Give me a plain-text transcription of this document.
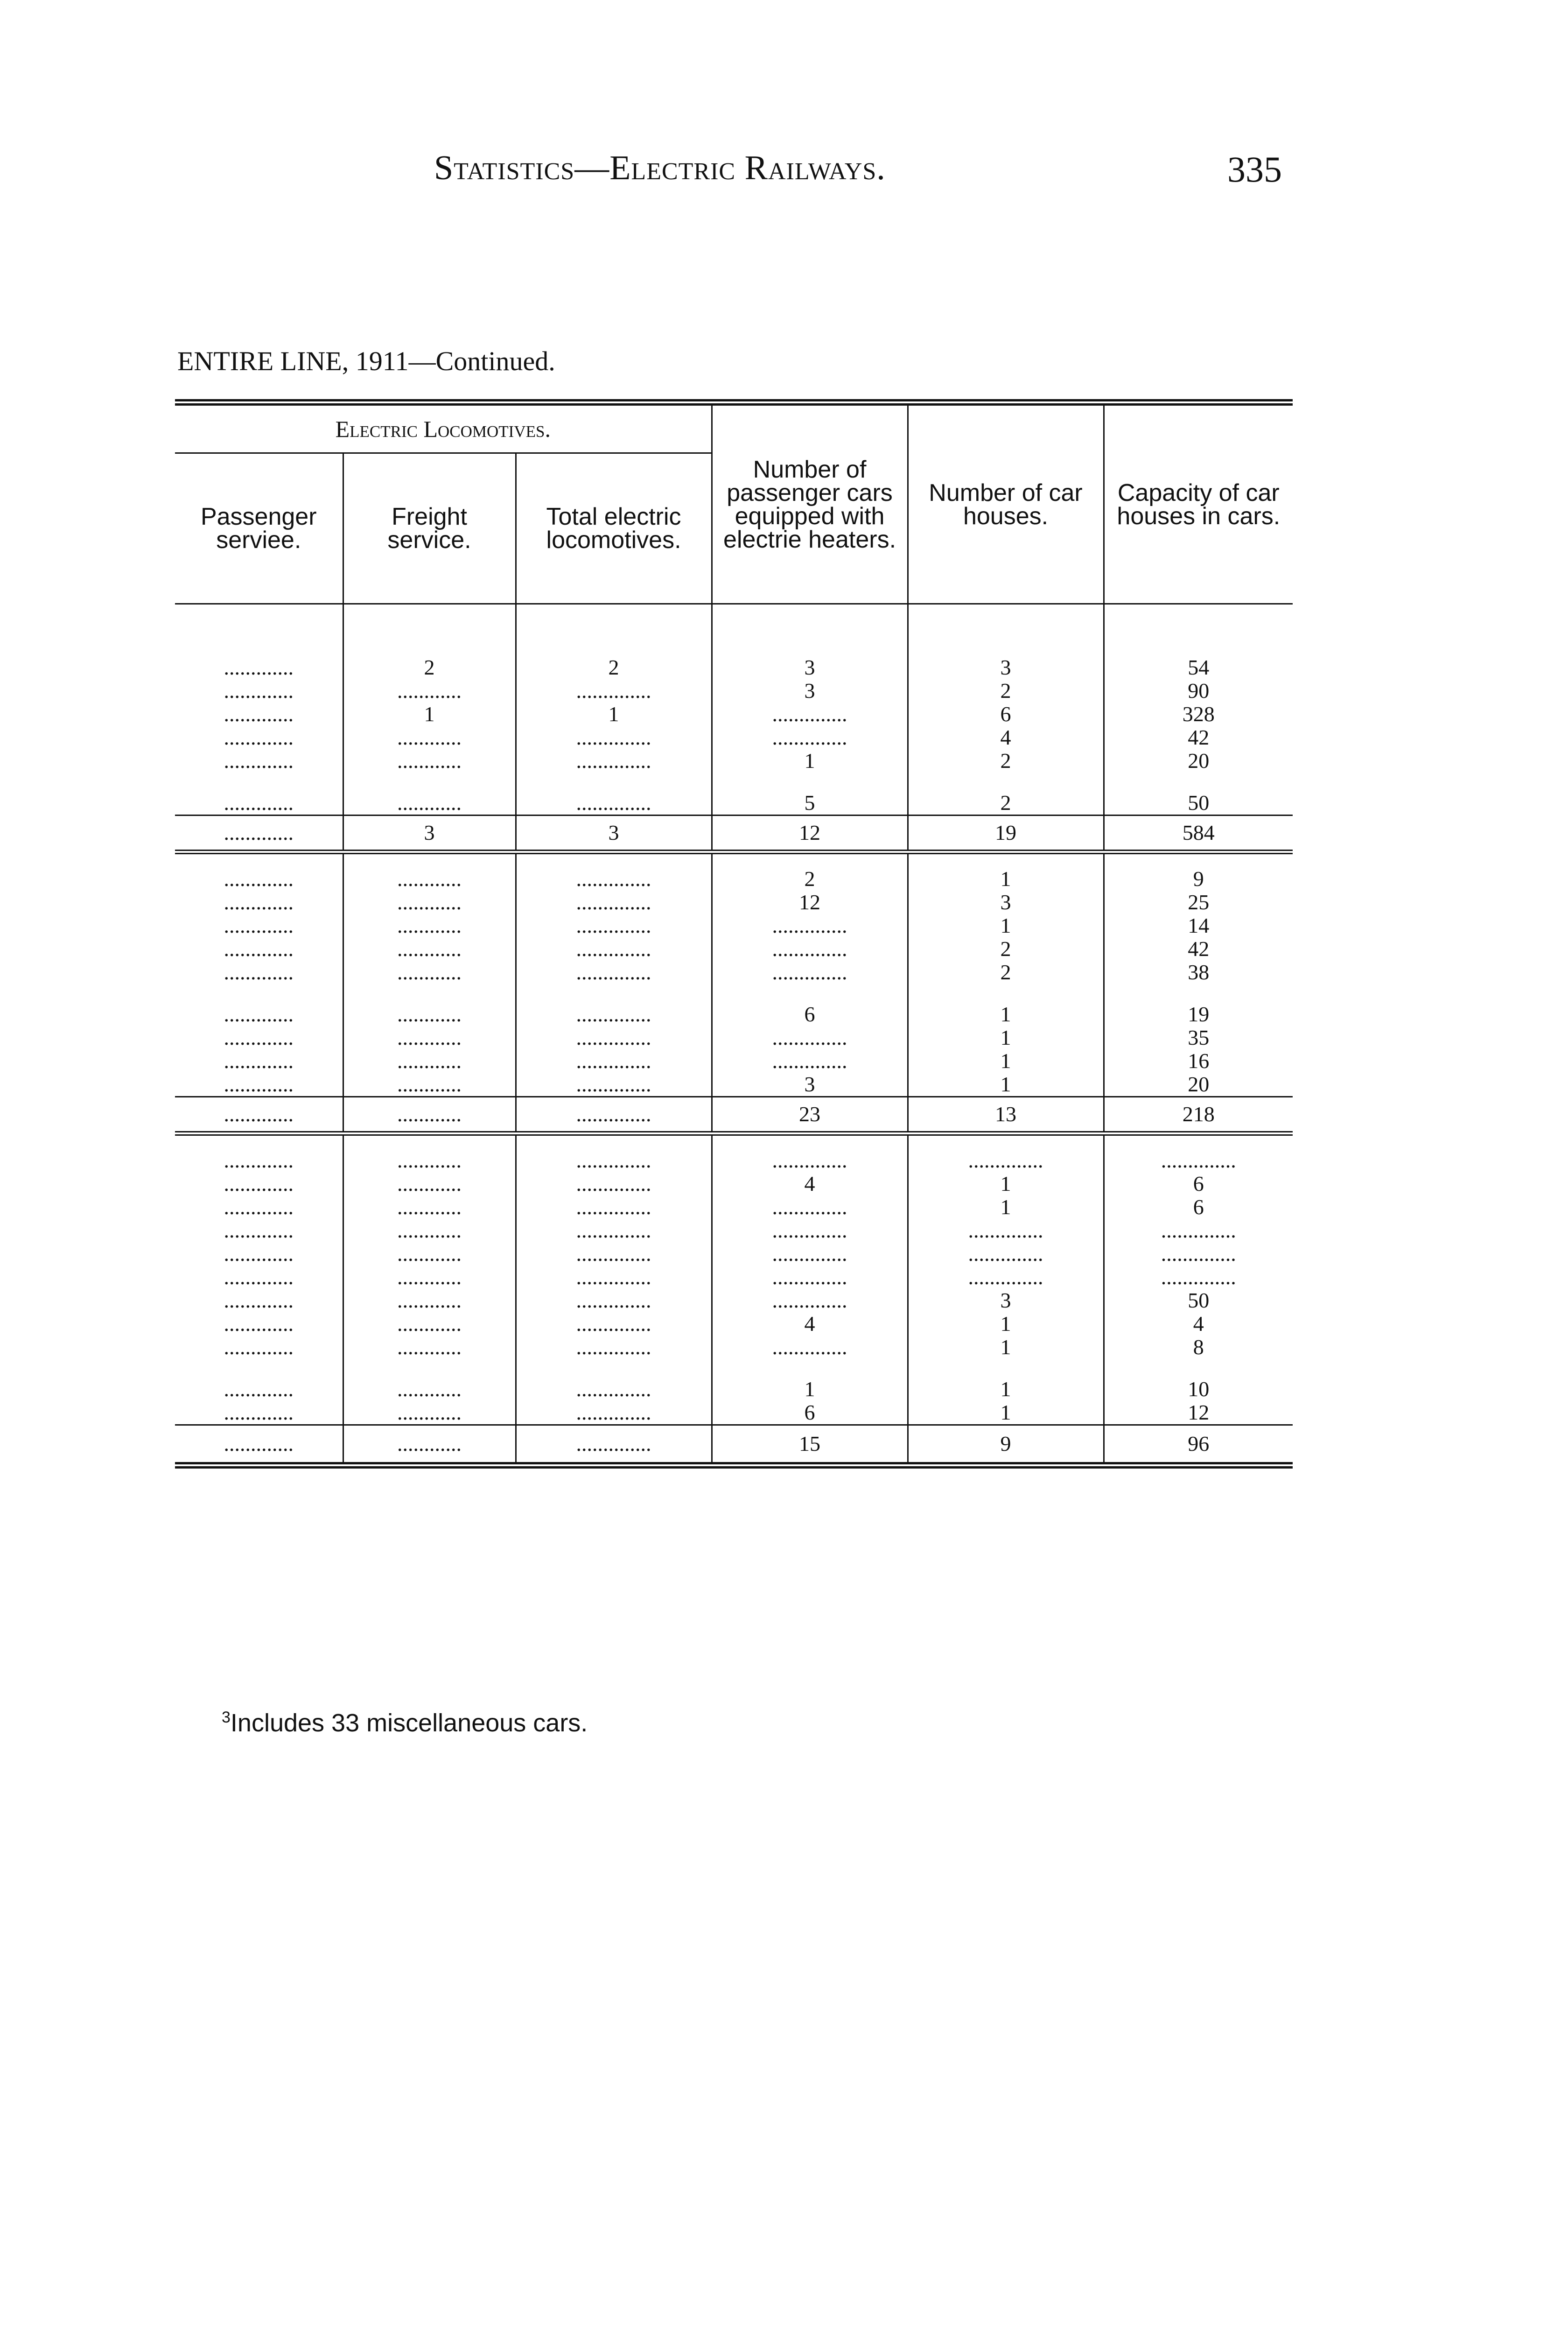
Statistics—Electric Railways.	335
ENTIRE LINE, 1911—Continued.
Electric Locomotives.			Number of passenger cars equipped with electrie heaters.	Number of car houses.	Capacity of car houses in cars.
Passenger serviee.	Freight service.	Total electric locomotives.			

.............	2	2	3	3	54
.............	............	..............	3	2	90
.............	1	1	..............	6	328
.............	............	..............	..............	4	42
.............	............	..............	1	2	20

.............	............	..............	5	2	50
.............	3	3	12	19	584

.............	............	..............	2	1	9
.............	............	..............	12	3	25
.............	............	..............	..............	1	14
.............	............	..............	..............	2	42
.............	............	..............	..............	2	38

.............	............	..............	6	1	19
.............	............	..............	..............	1	35
.............	............	..............	..............	1	16
.............	............	..............	3	1	20
.............	............	..............	23	13	218

.............	............	..............	..............	..............	..............
.............	............	..............	4	1	6
.............	............	..............	..............	1	6
.............	............	..............	..............	..............	..............
.............	............	..............	..............	..............	..............
.............	............	..............	..............	..............	..............
.............	............	..............	..............	3	50
.............	............	..............	4	1	4
.............	............	..............	..............	1	8

.............	............	..............	1	1	10
.............	............	..............	6	1	12
.............	............	..............	15	9	96
$^3$Includes 33 miscellaneous cars.
